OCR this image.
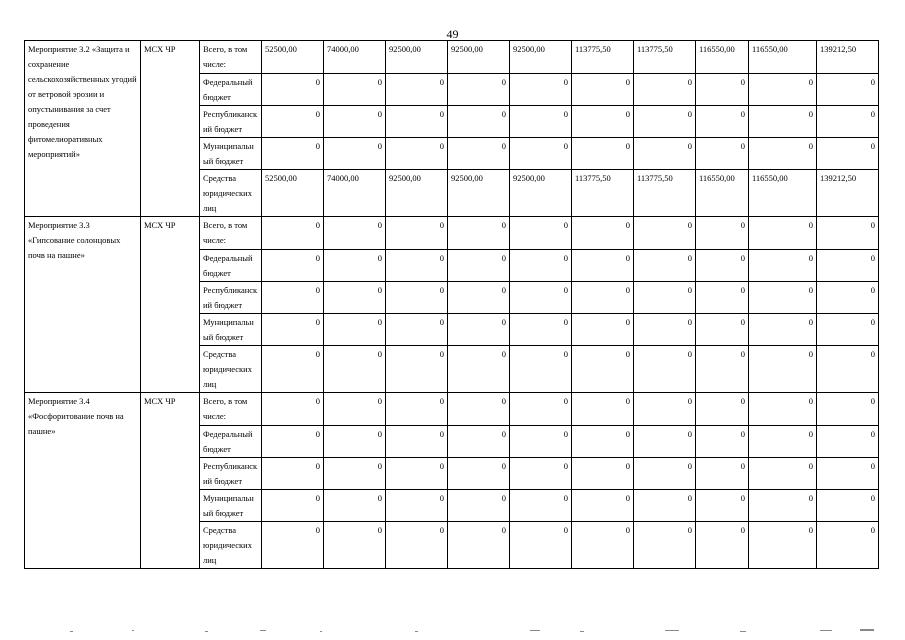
49
Мероприятие 3.2 «Защита и сохранение сельскохозяйственных угодий от ветровой эрозии и опустынивания за счет проведения фитомелиоративных мероприятий»	МСХ ЧР	Всего, в том числе:	52500,00	74000,00	92500,00	92500,00	92500,00	113775,50	113775,50	116550,00	116550,00	139212,50
		Федеральный бюджет	0	0	0	0	0	0	0	0	0	0
		Республиканский бюджет	0	0	0	0	0	0	0	0	0	0
		Муниципальный бюджет	0	0	0	0	0	0	0	0	0	0
		Средства юридических лиц	52500,00	74000,00	92500,00	92500,00	92500,00	113775,50	113775,50	116550,00	116550,00	139212,50
Мероприятие 3.3 «Гипсование солонцовых почв на пашне»	МСХ ЧР	Всего, в том числе:	0	0	0	0	0	0	0	0	0	0
		Федеральный бюджет	0	0	0	0	0	0	0	0	0	0
		Республиканский бюджет	0	0	0	0	0	0	0	0	0	0
		Муниципальный бюджет	0	0	0	0	0	0	0	0	0	0
		Средства юридических лиц	0	0	0	0	0	0	0	0	0	0
Мероприятие 3.4 «Фосфоритование почв на пашне»	МСХ ЧР	Всего, в том числе:	0	0	0	0	0	0	0	0	0	0
		Федеральный бюджет	0	0	0	0	0	0	0	0	0	0
		Республиканский бюджет	0	0	0	0	0	0	0	0	0	0
		Муниципальный бюджет	0	0	0	0	0	0	0	0	0	0
		Средства юридических лиц	0	0	0	0	0	0	0	0	0	0
